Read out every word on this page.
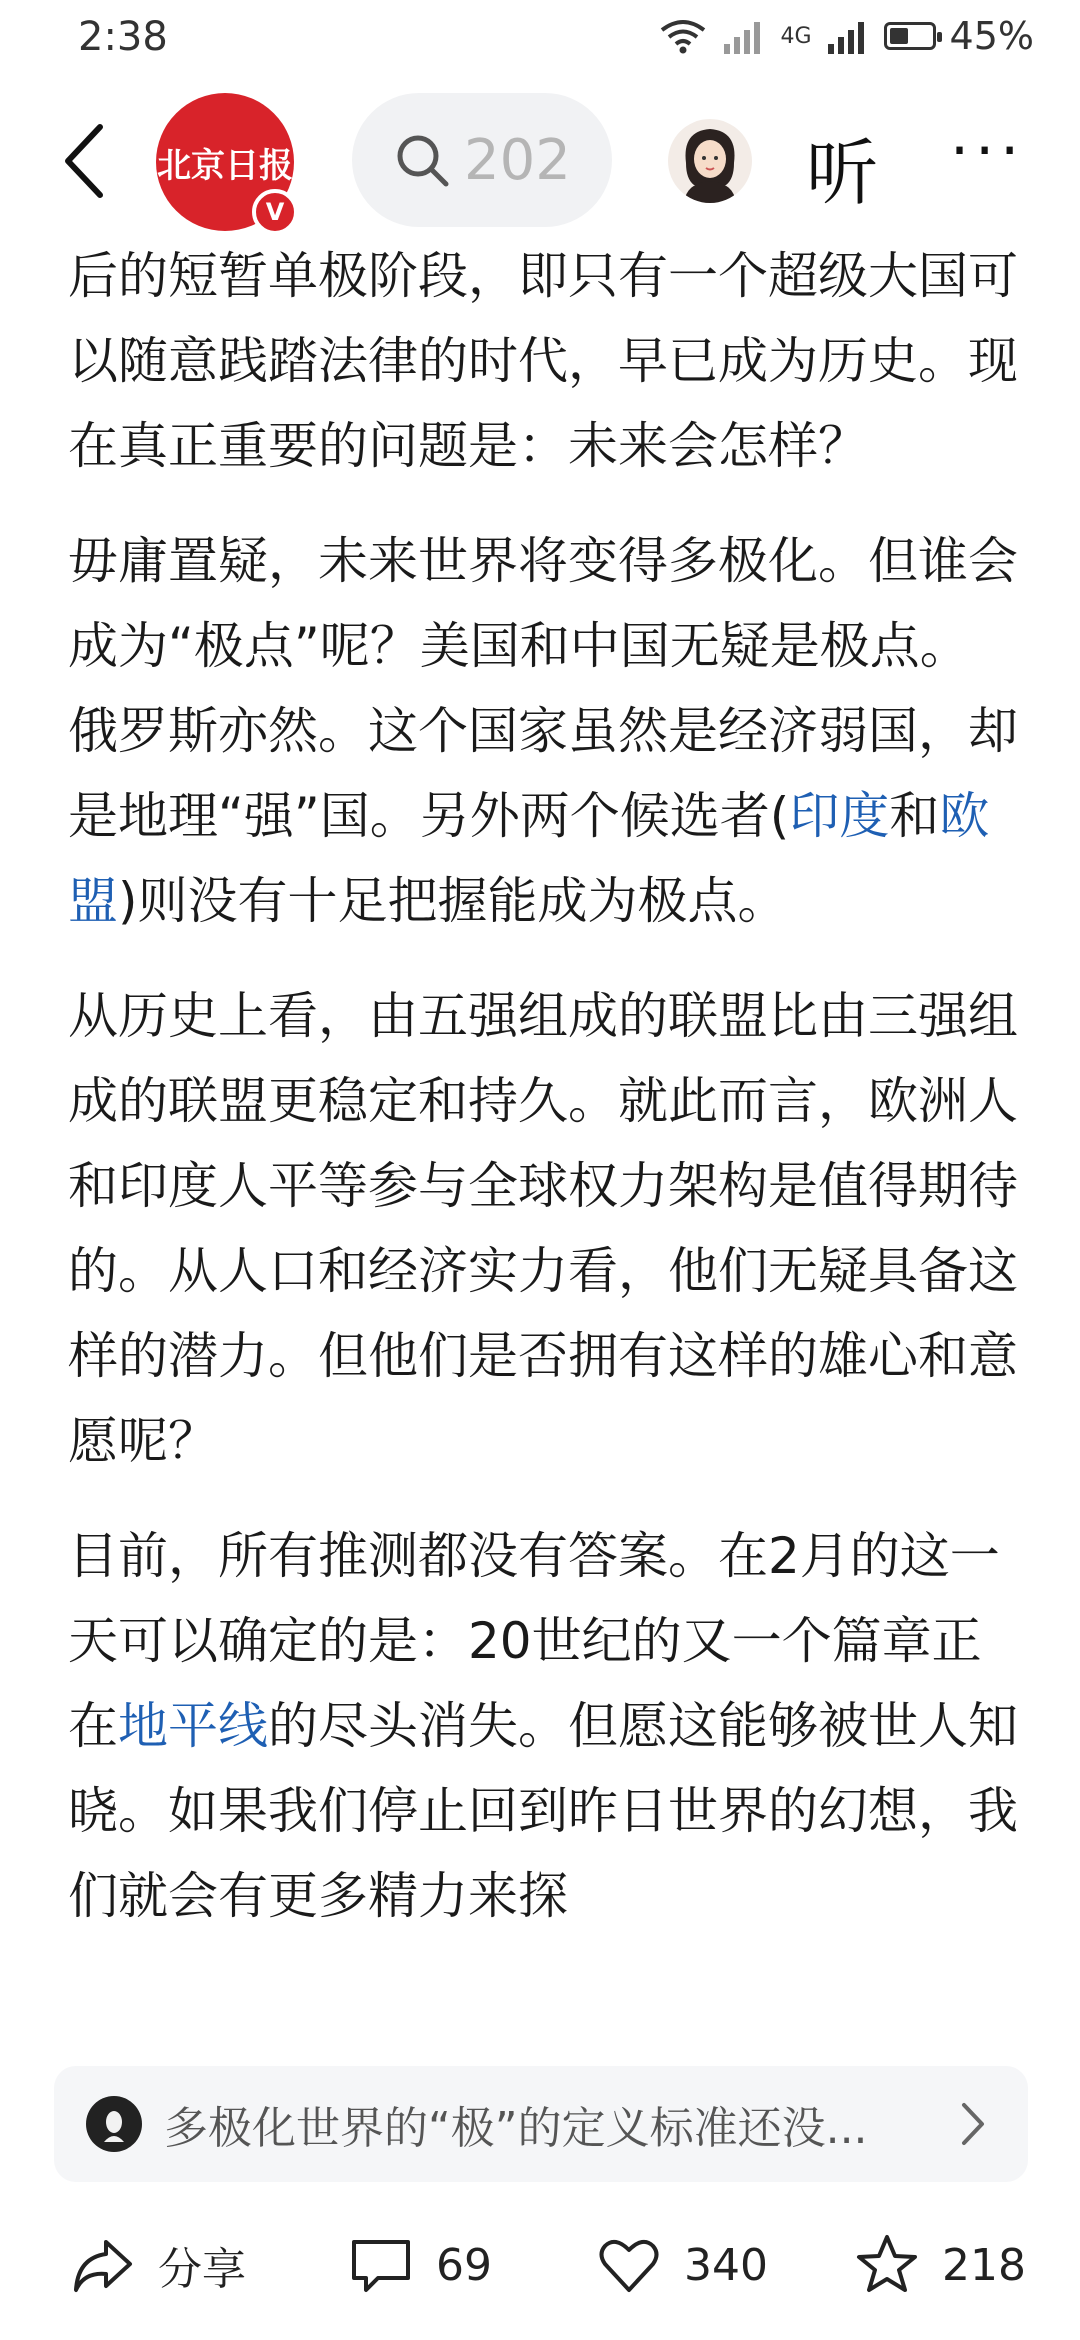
2:38	4G	45%
北京日报
V
202	听 ···

后的短暂单极阶段，即只有一个超级大国可以随意践踏法律的时代，早已成为历史。现在真正重要的问题是：未来会怎样？

毋庸置疑，未来世界将变得多极化。但谁会成为“极点”呢？美国和中国无疑是极点。俄罗斯亦然。这个国家虽然是经济弱国，却是地理“强”国。另外两个候选者(印度和欧盟)则没有十足把握能成为极点。

从历史上看，由五强组成的联盟比由三强组成的联盟更稳定和持久。就此而言，欧洲人和印度人平等参与全球权力架构是值得期待的。从人口和经济实力看，他们无疑具备这样的潜力。但他们是否拥有这样的雄心和意愿呢？

目前，所有推测都没有答案。在2月的这一天可以确定的是：20世纪的又一个篇章正在地平线的尽头消失。但愿这能够被世人知晓。如果我们停止回到昨日世界的幻想，我们就会有更多精力来探

多极化世界的“极”的定义标准还没...
分享	69	340	218
